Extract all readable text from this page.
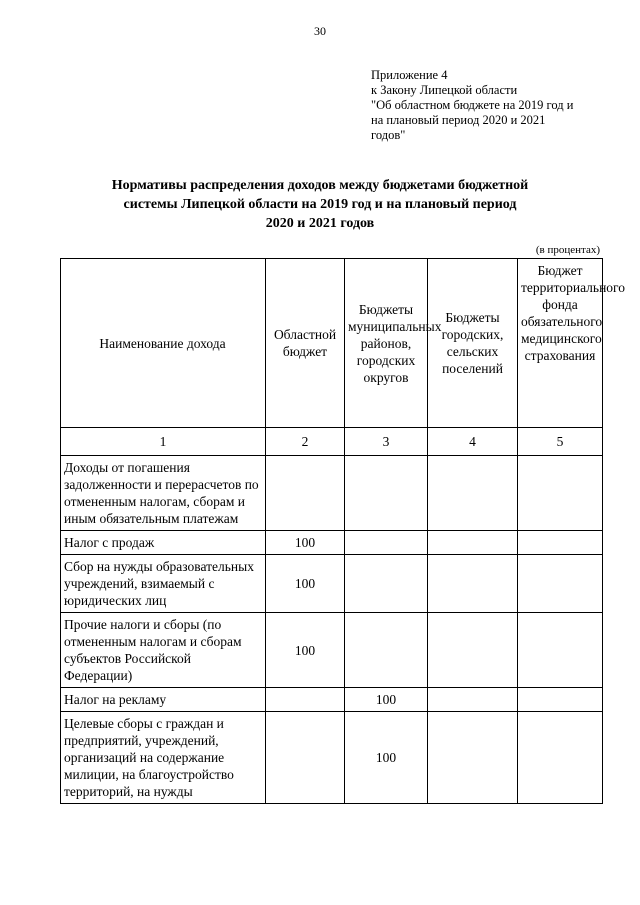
30
Приложение 4
к Закону Липецкой области
"Об областном бюджете на 2019 год и
на плановый период 2020 и 2021
годов"
Нормативы распределения доходов между бюджетами бюджетной
системы Липецкой области на 2019 год и на плановый период
2020 и 2021 годов
(в процентах)
Наименование дохода	Областной бюджет	Бюджеты муниципальных районов, городских округов	Бюджеты городских, сельских поселений	Бюджет территориального фонда обязательного медицинского страхования
1	2	3	4	5
Доходы от погашения задолженности и перерасчетов по отмененным налогам, сборам и иным обязательным платежам				
Налог с продаж	100			
Сбор на нужды образовательных учреждений, взимаемый с юридических лиц	100			
Прочие налоги и сборы (по отмененным налогам и сборам субъектов Российской Федерации)	100			
Налог на рекламу		100		
Целевые сборы с граждан и предприятий, учреждений, организаций на содержание милиции, на благоустройство территорий, на нужды		100		
